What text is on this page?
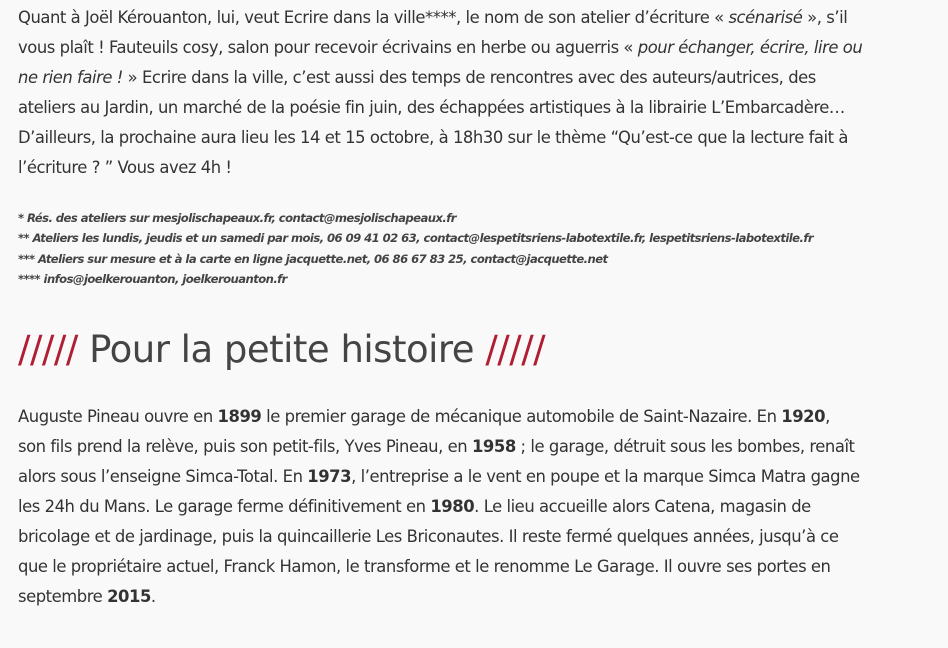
Quant à Joël Kérouanton, lui, veut Ecrire dans la ville****, le nom de son atelier d’écriture « scénarisé », s’il
vous plaît ! Fauteuils cosy, salon pour recevoir écrivains en herbe ou aguerris « pour échanger, écrire, lire ou
ne rien faire ! » Ecrire dans la ville, c’est aussi des temps de rencontres avec des auteurs/autrices, des
ateliers au Jardin, un marché de la poésie fin juin, des échappées artistiques à la librairie L’Embarcadère…
D’ailleurs, la prochaine aura lieu les 14 et 15 octobre, à 18h30 sur le thème “Qu’est-ce que la lecture fait à
l’écriture ? ” Vous avez 4h !

* Rés. des ateliers sur mesjolischapeaux.fr, contact@mesjolischapeaux.fr
** Ateliers les lundis, jeudis et un samedi par mois, 06 09 41 02 63, contact@lespetitsriens-labotextile.fr, lespetitsriens-labotextile.fr
*** Ateliers sur mesure et à la carte en ligne jacquette.net, 06 86 67 83 25, contact@jacquette.net
**** infos@joelkerouanton, joelkerouanton.fr
///// Pour la petite histoire /////

Auguste Pineau ouvre en 1899 le premier garage de mécanique automobile de Saint-Nazaire. En 1920,
son fils prend la relève, puis son petit-fils, Yves Pineau, en 1958 ; le garage, détruit sous les bombes, renaît
alors sous l’enseigne Simca-Total. En 1973, l’entreprise a le vent en poupe et la marque Simca Matra gagne
les 24h du Mans. Le garage ferme définitivement en 1980. Le lieu accueille alors Catena, magasin de
bricolage et de jardinage, puis la quincaillerie Les Briconautes. Il reste fermé quelques années, jusqu’à ce
que le propriétaire actuel, Franck Hamon, le transforme et le renomme Le Garage. Il ouvre ses portes en
septembre 2015.
